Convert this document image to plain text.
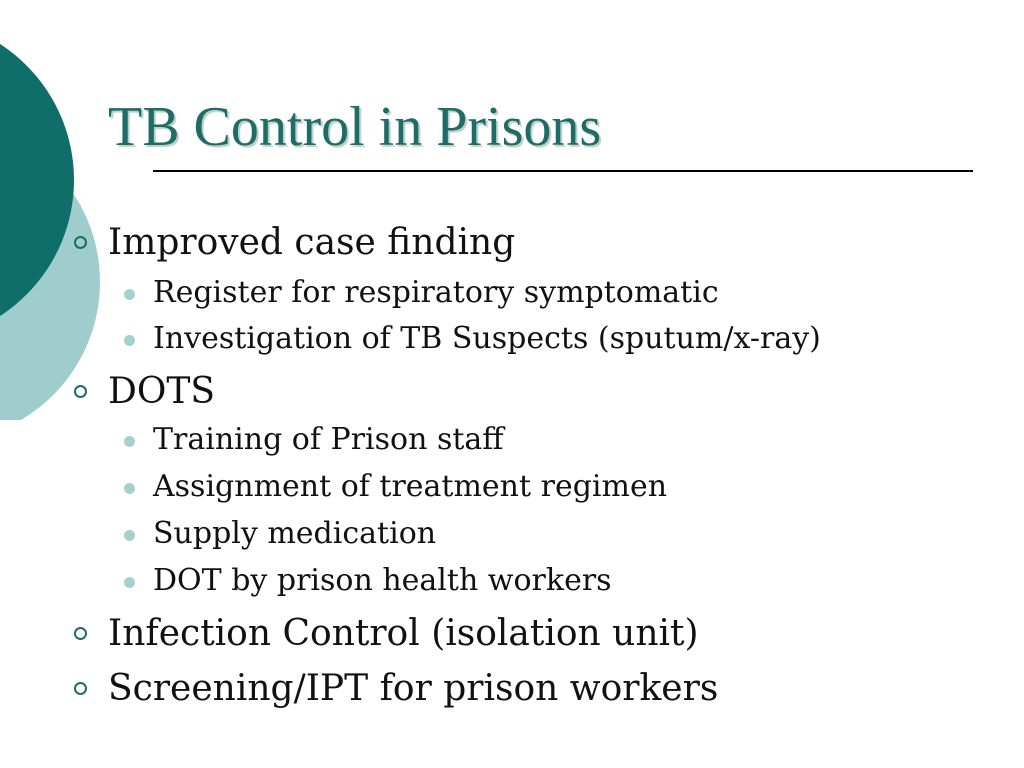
TB Control in Prisons
Improved case finding
Register for respiratory symptomatic
Investigation of TB Suspects (sputum/x-ray)
DOTS
Training of Prison staff
Assignment of treatment regimen
Supply medication
DOT by prison health workers
Infection Control (isolation unit)
Screening/IPT for prison workers
